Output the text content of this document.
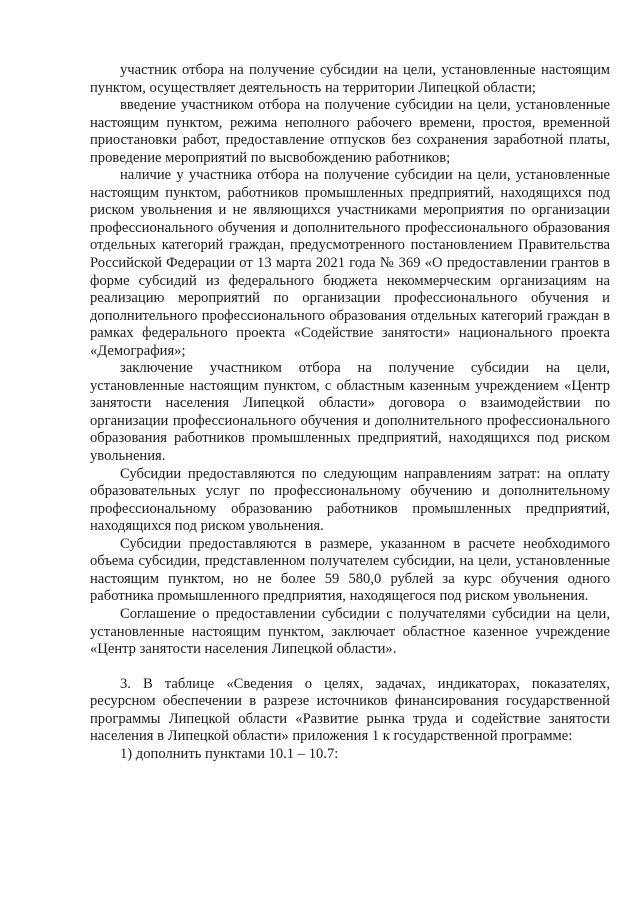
участник отбора на получение субсидии на цели, установленные настоящим пунктом, осуществляет деятельность на территории Липецкой области;

введение участником отбора на получение субсидии на цели, установленные настоящим пунктом, режима неполного рабочего времени, простоя, временной приостановки работ, предоставление отпусков без сохранения заработной платы, проведение мероприятий по высвобождению работников;

наличие у участника отбора на получение субсидии на цели, установленные настоящим пунктом, работников промышленных предприятий, находящихся под риском увольнения и не являющихся участниками мероприятия по организации профессионального обучения и дополнительного профессионального образования отдельных категорий граждан, предусмотренного постановлением Правительства Российской Федерации от 13 марта 2021 года № 369 «О предоставлении грантов в форме субсидий из федерального бюджета некоммерческим организациям на реализацию мероприятий по организации профессионального обучения и дополнительного профессионального образования отдельных категорий граждан в рамках федерального проекта «Содействие занятости» национального проекта «Демография»;

заключение участником отбора на получение субсидии на цели, установленные настоящим пунктом, с областным казенным учреждением «Центр занятости населения Липецкой области» договора о взаимодействии по организации профессионального обучения и дополнительного профессионального образования работников промышленных предприятий, находящихся под риском увольнения.

Субсидии предоставляются по следующим направлениям затрат: на оплату образовательных услуг по профессиональному обучению и дополнительному профессиональному образованию работников промышленных предприятий, находящихся под риском увольнения.

Субсидии предоставляются в размере, указанном в расчете необходимого объема субсидии, представленном получателем субсидии, на цели, установленные настоящим пунктом, но не более 59 580,0 рублей за курс обучения одного работника промышленного предприятия, находящегося под риском увольнения.

Соглашение о предоставлении субсидии с получателями субсидии на цели, установленные настоящим пунктом, заключает областное казенное учреждение «Центр занятости населения Липецкой области».

3. В таблице «Сведения о целях, задачах, индикаторах, показателях, ресурсном обеспечении в разрезе источников финансирования государственной программы Липецкой области «Развитие рынка труда и содействие занятости населения в Липецкой области» приложения 1 к государственной программе:

1) дополнить пунктами 10.1 – 10.7:
